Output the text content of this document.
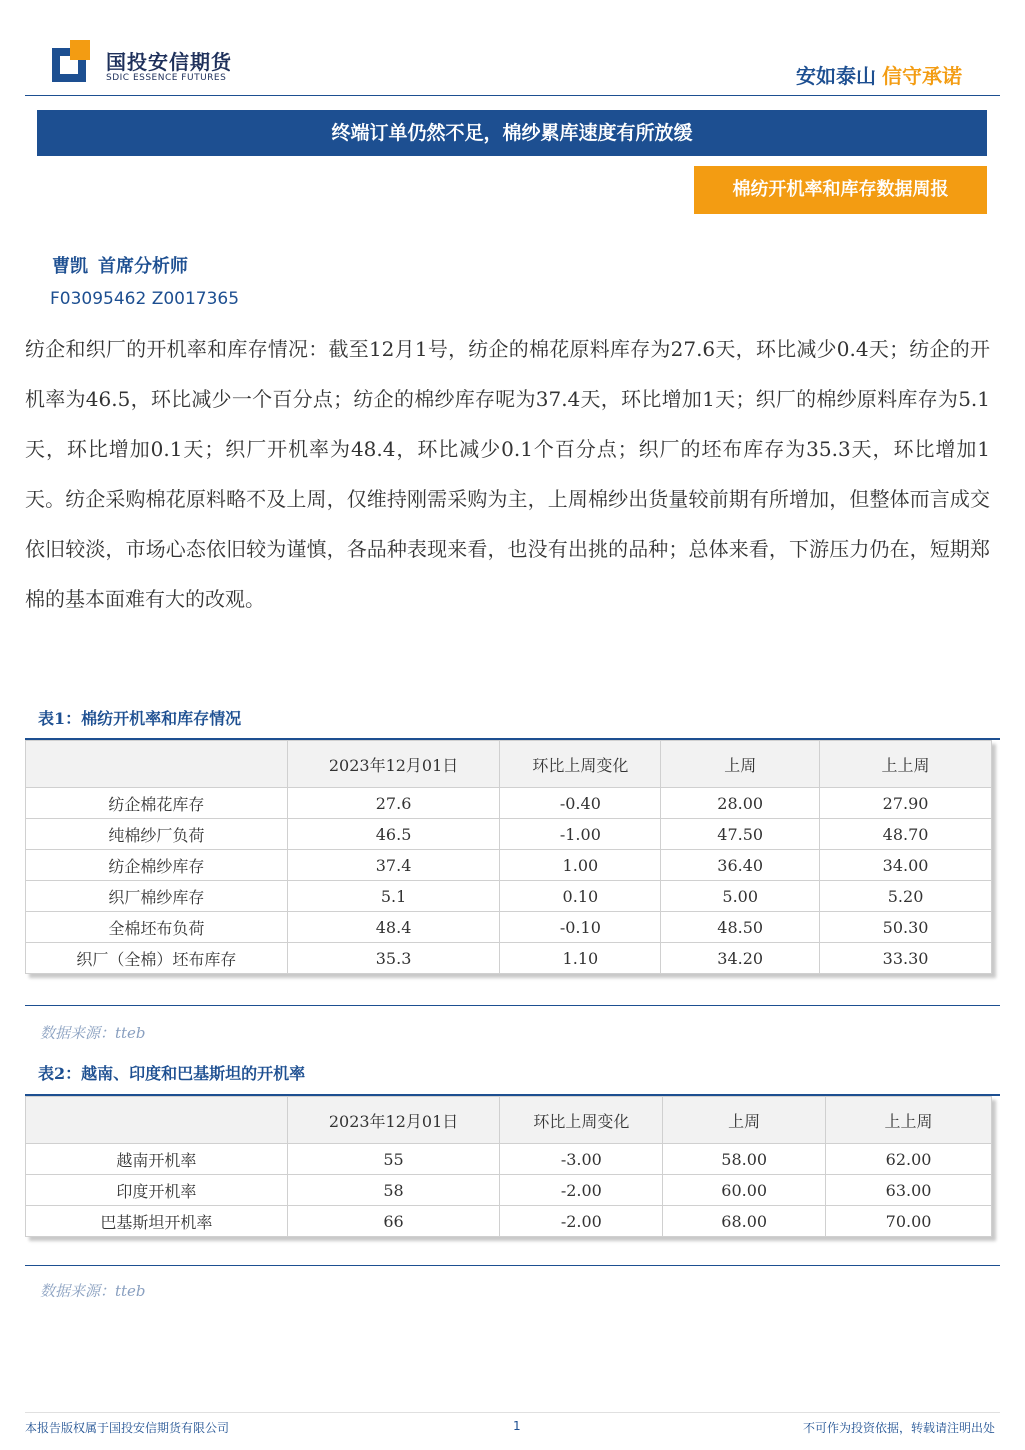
国投安信期货
SDIC ESSENCE FUTURES	安如泰山 信守承诺
终端订单仍然不足，棉纱累库速度有所放缓
棉纺开机率和库存数据周报
曹凯 首席分析师
F03095462 Z0017365
纺企和织厂的开机率和库存情况：截至12月1号，纺企的棉花原料库存为27.6天，环比减少0.4天；纺企的开机率为46.5，环比减少一个百分点；纺企的棉纱库存呢为37.4天，环比增加1天；织厂的棉纱原料库存为5.1天，环比增加0.1天；织厂开机率为48.4，环比减少0.1个百分点；织厂的坯布库存为35.3天，环比增加1天。纺企采购棉花原料略不及上周，仅维持刚需采购为主，上周棉纱出货量较前期有所增加，但整体而言成交依旧较淡，市场心态依旧较为谨慎，各品种表现来看，也没有出挑的品种；总体来看，下游压力仍在，短期郑棉的基本面难有大的改观。
表1：棉纺开机率和库存情况
	2023年12月01日	环比上周变化	上周	上上周
纺企棉花库存	27.6	-0.40	28.00	27.90
纯棉纱厂负荷	46.5	-1.00	47.50	48.70
纺企棉纱库存	37.4	1.00	36.40	34.00
织厂棉纱库存	5.1	0.10	5.00	5.20
全棉坯布负荷	48.4	-0.10	48.50	50.30
织厂（全棉）坯布库存	35.3	1.10	34.20	33.30
数据来源：tteb
表2：越南、印度和巴基斯坦的开机率
	2023年12月01日	环比上周变化	上周	上上周
越南开机率	55	-3.00	58.00	62.00
印度开机率	58	-2.00	60.00	63.00
巴基斯坦开机率	66	-2.00	68.00	70.00
数据来源：tteb
本报告版权属于国投安信期货有限公司	1	不可作为投资依据，转载请注明出处
